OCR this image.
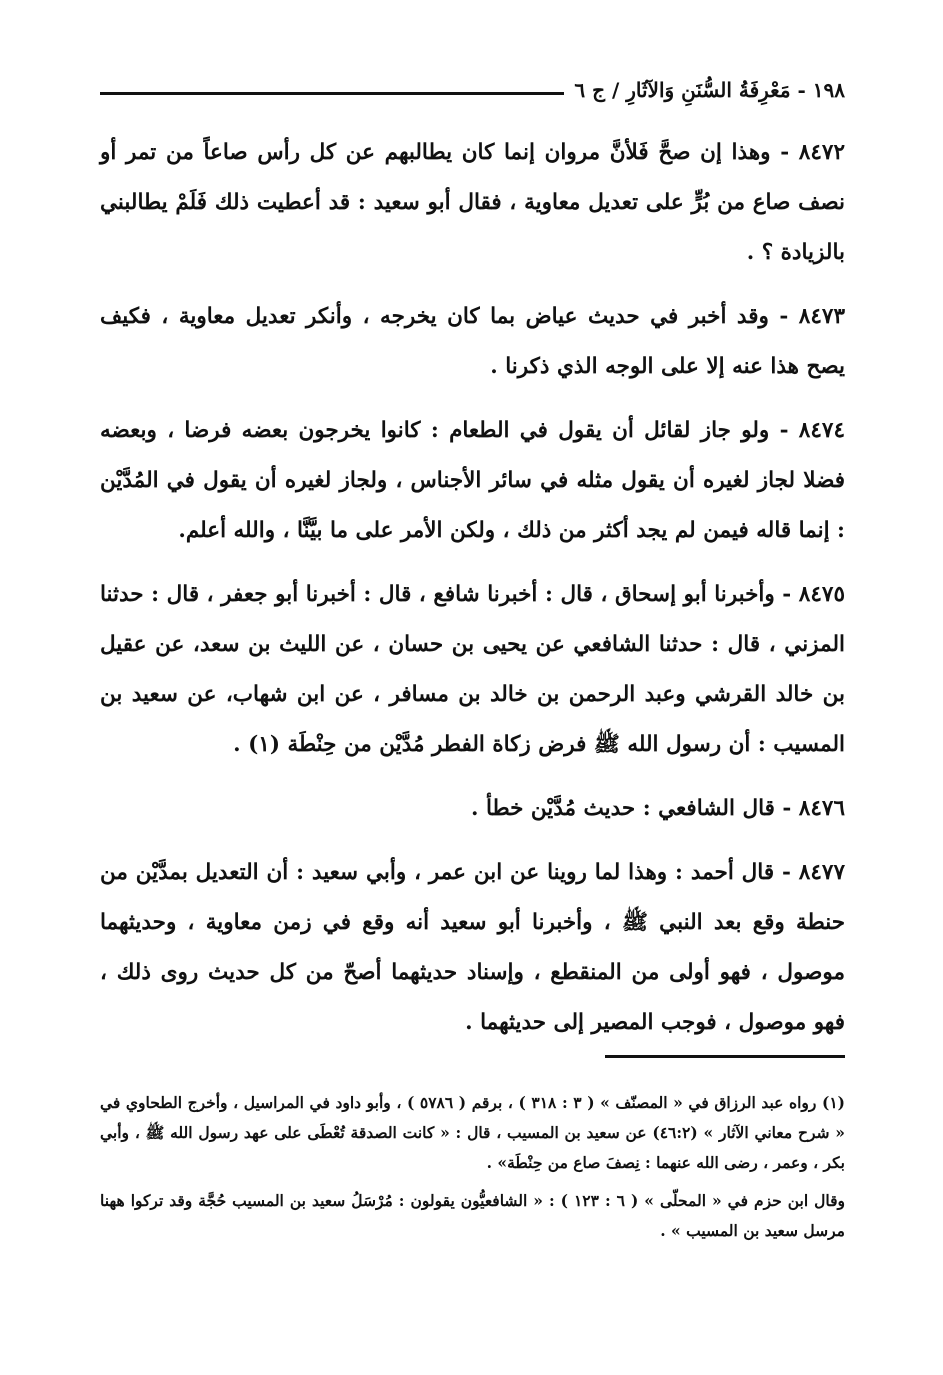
١٩٨ - مَعْرِفَةُ السُّنَنِ وَالآثَارِ / ج ٦

٨٤٧٢ - وهذا إن صحَّ فَلأنَّ مروان إنما كان يطالبهم عن كل رأس صاعاً من تمر أو نصف صاع من بُرٍّ على تعديل معاوية ، فقال أبو سعيد : قد أعطيت ذلك فَلَمْ يطالبني بالزيادة ؟ .

٨٤٧٣ - وقد أخبر في حديث عياض بما كان يخرجه ، وأنكر تعديل معاوية ، فكيف يصح هذا عنه إلا على الوجه الذي ذكرنا .

٨٤٧٤ - ولو جاز لقائل أن يقول في الطعام : كانوا يخرجون بعضه فرضا ، وبعضه فضلا لجاز لغيره أن يقول مثله في سائر الأجناس ، ولجاز لغيره أن يقول في المُدَّيْن : إنما قاله فيمن لم يجد أكثر من ذلك ، ولكن الأمر على ما بيَّنَّا ، والله أعلم.

٨٤٧٥ - وأخبرنا أبو إسحاق ، قال : أخبرنا شافع ، قال : أخبرنا أبو جعفر ، قال : حدثنا المزني ، قال : حدثنا الشافعي عن يحيى بن حسان ، عن الليث بن سعد، عن عقيل بن خالد القرشي وعبد الرحمن بن خالد بن مسافر ، عن ابن شهاب، عن سعيد بن المسيب : أن رسول الله ﷺ فرض زكاة الفطر مُدَّيْن من حِنْطَة (١) .

٨٤٧٦ - قال الشافعي : حديث مُدَّيْن خطأ .

٨٤٧٧ - قال أحمد : وهذا لما روينا عن ابن عمر ، وأبي سعيد : أن التعديل بمدَّيْن من حنطة وقع بعد النبي ﷺ ، وأخبرنا أبو سعيد أنه وقع في زمن معاوية ، وحديثهما موصول ، فهو أولى من المنقطع ، وإسناد حديثهما أصحّ من كل حديث روى ذلك ، فهو موصول ، فوجب المصير إلى حديثهما .

(١) رواه عبد الرزاق في « المصنّف » ( ٣ : ٣١٨ ) ، برقم ( ٥٧٨٦ ) ، وأبو داود في المراسيل ، وأخرج الطحاوي في « شرح معاني الآثار » (٤٦:٢) عن سعيد بن المسيب ، قال : « كانت الصدقة تُعْطَى على عهد رسول الله ﷺ ، وأبي بكر ، وعمر ، رضى الله عنهما : نِصفَ صاع من حِنْطَة» .

وقال ابن حزم في « المحلّى » ( ٦ : ١٢٣ ) : « الشافعيُّون يقولون : مُرْسَلُ سعيد بن المسيب حُجَّة وقد تركوا ههنا مرسل سعيد بن المسيب » .
